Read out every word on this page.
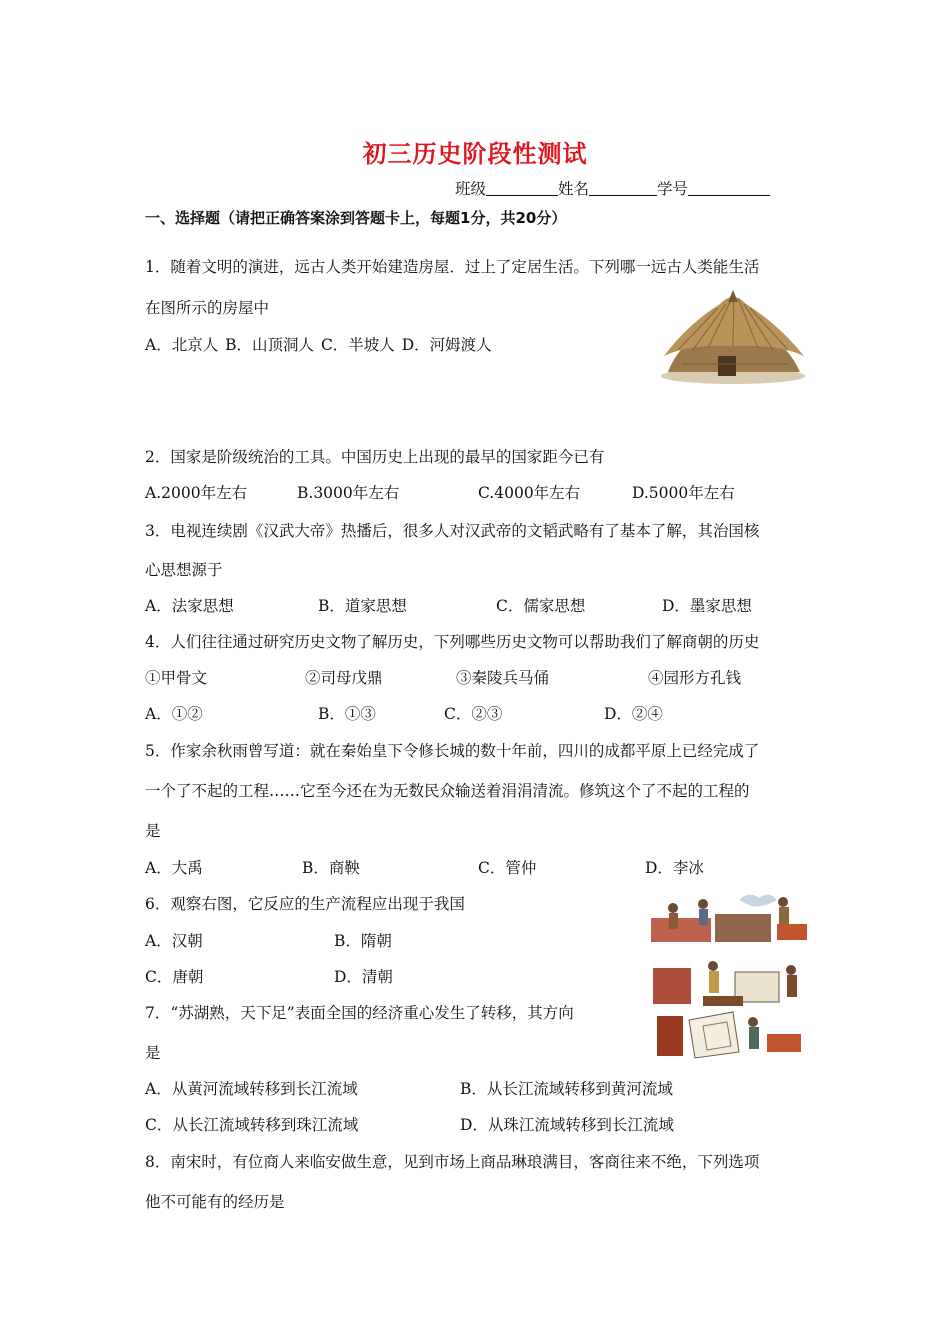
初三历史阶段性测试
班级	姓名	学号
一、选择题（请把正确答案涂到答题卡上，每题1分，共20分）
1．随着文明的演进，远古人类开始建造房屋．过上了定居生活。下列哪一远古人类能生活
在图所示的房屋中
A．北京人 B．山顶洞人 C．半坡人 D．河姆渡人
2．国家是阶级统治的工具。中国历史上出现的最早的国家距今已有
A.2000年左右	B.3000年左右	C.4000年左右	D.5000年左右
3．电视连续剧《汉武大帝》热播后，很多人对汉武帝的文韬武略有了基本了解，其治国核
心思想源于
A．法家思想	B．道家思想	C．儒家思想	D．墨家思想
4．人们往往通过研究历史文物了解历史，下列哪些历史文物可以帮助我们了解商朝的历史
①甲骨文	②司母戊鼎	③秦陵兵马俑	④园形方孔钱
A．①②	B．①③	C．②③	D．②④
5．作家余秋雨曾写道：就在秦始皇下令修长城的数十年前，四川的成都平原上已经完成了
一个了不起的工程……它至今还在为无数民众输送着涓涓清流。修筑这个了不起的工程的
是
A．大禹	B．商鞅	C．管仲	D．李冰
6．观察右图，它反应的生产流程应出现于我国
A．汉朝	B．隋朝
C．唐朝	D．清朝
7．“苏湖熟，天下足”表面全国的经济重心发生了转移，其方向
是
A．从黄河流域转移到长江流域	B．从长江流域转移到黄河流域
C．从长江流域转移到珠江流域	D．从珠江流域转移到长江流域
8．南宋时，有位商人来临安做生意，见到市场上商品琳琅满目，客商往来不绝，下列选项
他不可能有的经历是
